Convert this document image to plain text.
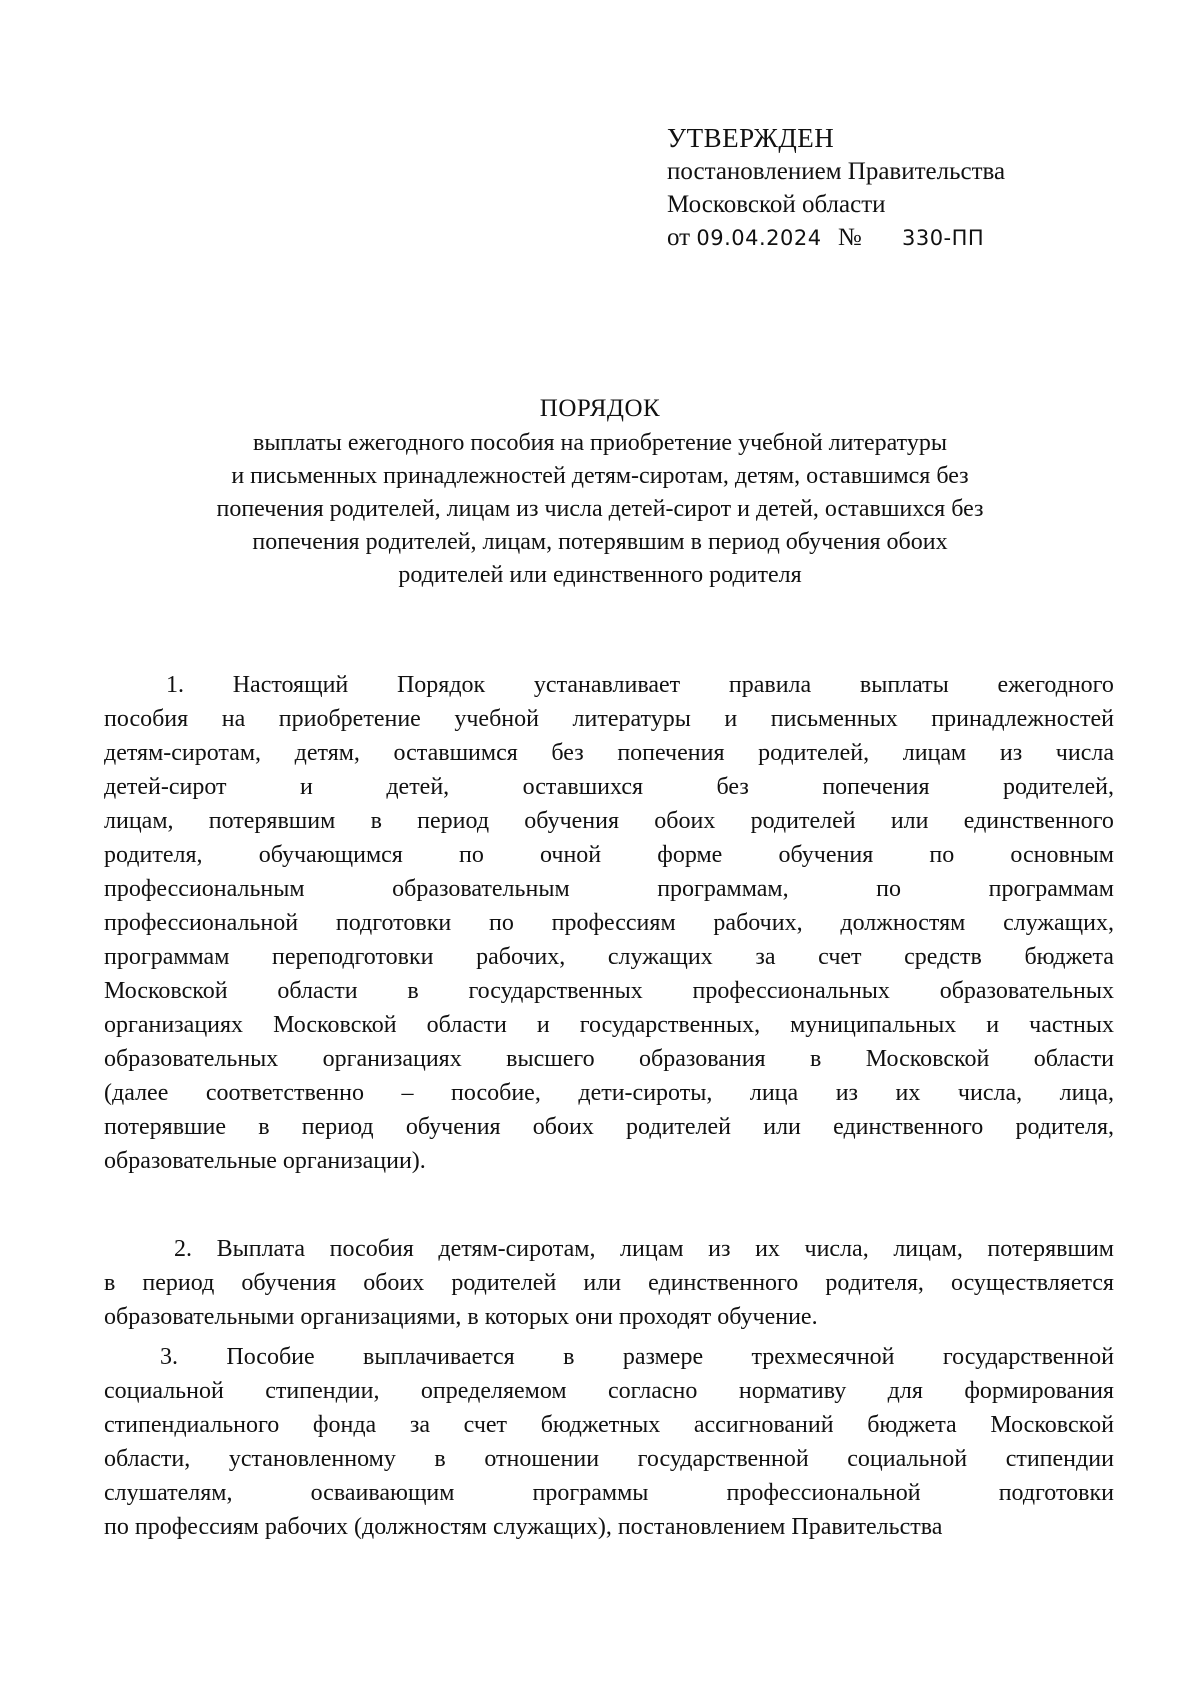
УТВЕРЖДЕН
постановлением Правительства
Московской области
от 09.04.2024 № 330-ПП
ПОРЯДОК
выплаты ежегодного пособия на приобретение учебной литературы
и письменных принадлежностей детям-сиротам, детям, оставшимся без
попечения родителей, лицам из числа детей-сирот и детей, оставшихся без
попечения родителей, лицам, потерявшим в период обучения обоих
родителей или единственного родителя
1. Настоящий Порядок устанавливает правила выплаты ежегодного
пособия на приобретение учебной литературы и письменных принадлежностей
детям-сиротам, детям, оставшимся без попечения родителей, лицам из числа
детей-сирот	и	детей,	оставшихся	без	попечения	родителей,
лицам, потерявшим в период обучения обоих родителей или единственного
родителя, обучающимся по очной форме обучения по основным
профессиональным	образовательным	программам,	по	программам
профессиональной подготовки по профессиям рабочих, должностям служащих,
программам переподготовки рабочих, служащих за счет средств бюджета
Московской области в государственных профессиональных образовательных
организациях Московской области и государственных, муниципальных и частных
образовательных организациях высшего образования в Московской области
(далее соответственно – пособие, дети-сироты, лица из их числа, лица,
потерявшие в период обучения обоих родителей или единственного родителя,
образовательные организации).
2. Выплата пособия детям-сиротам, лицам из их числа, лицам, потерявшим
в период обучения обоих родителей или единственного родителя, осуществляется
образовательными организациями, в которых они проходят обучение.
3. Пособие выплачивается в размере трехмесячной государственной
социальной стипендии, определяемом согласно нормативу для формирования
стипендиального фонда за счет бюджетных ассигнований бюджета Московской
области, установленному в отношении государственной социальной стипендии
слушателям,	осваивающим	программы	профессиональной	подготовки
по профессиям рабочих (должностям служащих), постановлением Правительства
